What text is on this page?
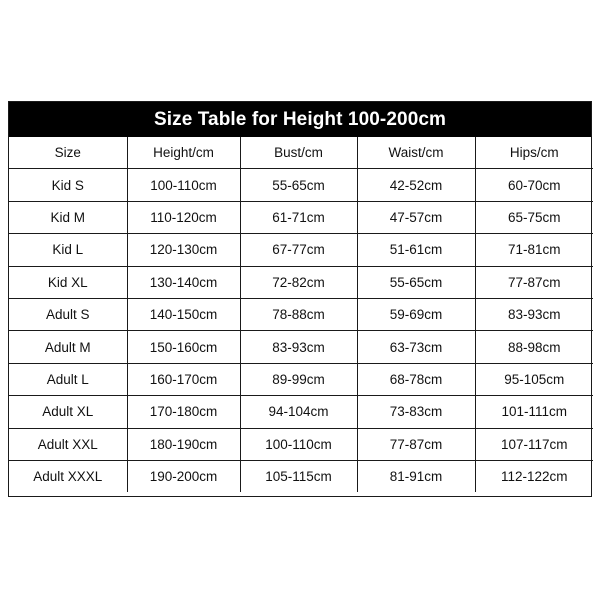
Size Table for Height 100-200cm
Size	Height/cm	Bust/cm	Waist/cm	Hips/cm
Kid S	100-110cm	55-65cm	42-52cm	60-70cm
Kid M	110-120cm	61-71cm	47-57cm	65-75cm
Kid L	120-130cm	67-77cm	51-61cm	71-81cm
Kid XL	130-140cm	72-82cm	55-65cm	77-87cm
Adult S	140-150cm	78-88cm	59-69cm	83-93cm
Adult M	150-160cm	83-93cm	63-73cm	88-98cm
Adult L	160-170cm	89-99cm	68-78cm	95-105cm
Adult XL	170-180cm	94-104cm	73-83cm	101-111cm
Adult XXL	180-190cm	100-110cm	77-87cm	107-117cm
Adult XXXL	190-200cm	105-115cm	81-91cm	112-122cm
